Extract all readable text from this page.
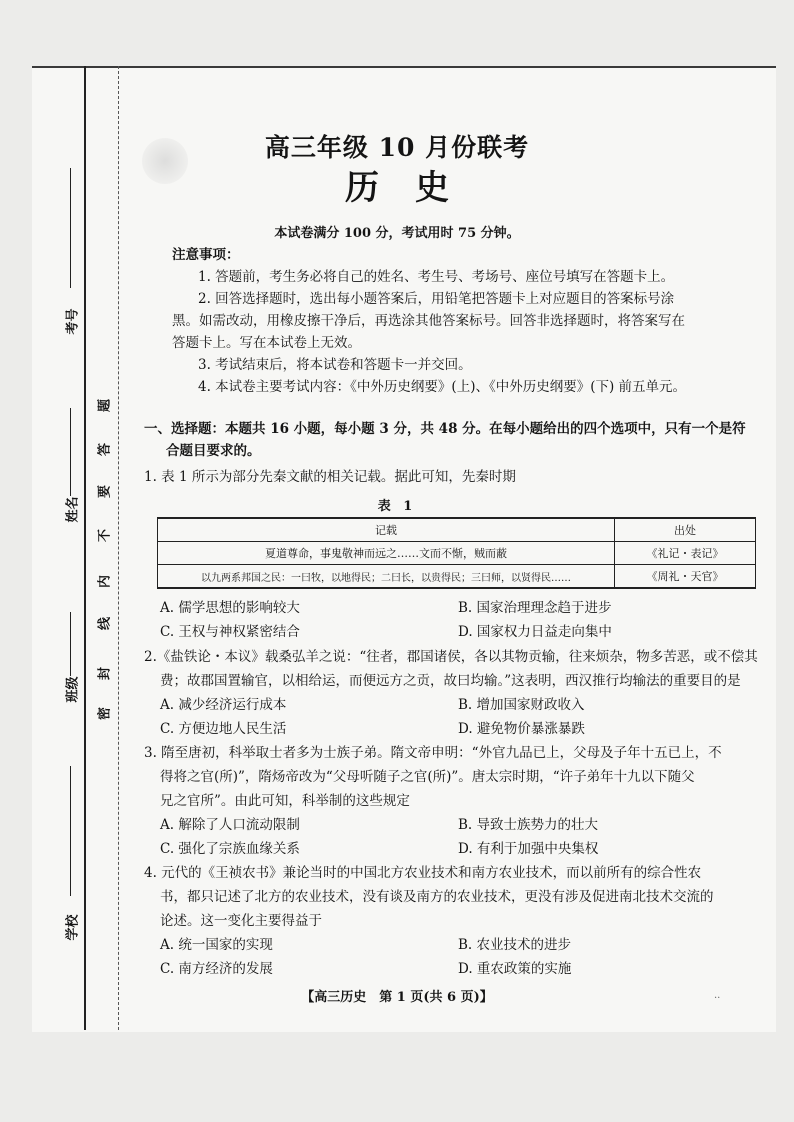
考号
姓名
班级
学校
密
封
线
内
不
要
答
题
高三年级 10 月份联考
历史
本试卷满分 100 分，考试用时 75 分钟。
注意事项：
1. 答题前，考生务必将自己的姓名、考生号、考场号、座位号填写在答题卡上。
2. 回答选择题时，选出每小题答案后，用铅笔把答题卡上对应题目的答案标号涂
黑。如需改动，用橡皮擦干净后，再选涂其他答案标号。回答非选择题时，将答案写在
答题卡上。写在本试卷上无效。
3. 考试结束后，将本试卷和答题卡一并交回。
4. 本试卷主要考试内容：《中外历史纲要》(上)、《中外历史纲要》(下) 前五单元。
一、选择题：本题共 16 小题，每小题 3 分，共 48 分。在每小题给出的四个选项中，只有一个是符
合题目要求的。
1. 表 1 所示为部分先秦文献的相关记载。据此可知，先秦时期
表 1
记载	出处
夏道尊命，事鬼敬神而远之……文而不惭，贼而蔽	《礼记・表记》
以九两系邦国之民：一曰牧，以地得民；二曰长，以贵得民；三曰师，以贤得民……	《周礼・天官》
A. 儒学思想的影响较大	B. 国家治理理念趋于进步
C. 王权与神权紧密结合	D. 国家权力日益走向集中
2.《盐铁论・本议》载桑弘羊之说：“往者，郡国诸侯，各以其物贡输，往来烦杂，物多苦恶，或不偿其
费；故郡国置输官，以相给运，而便远方之贡，故曰均输。”这表明，西汉推行均输法的重要目的是
A. 减少经济运行成本	B. 增加国家财政收入
C. 方便边地人民生活	D. 避免物价暴涨暴跌
3. 隋至唐初，科举取士者多为士族子弟。隋文帝申明：“外官九品已上，父母及子年十五已上，不
得将之官(所)”，隋炀帝改为“父母听随子之官(所)”。唐太宗时期，“许子弟年十九以下随父
兄之官所”。由此可知，科举制的这些规定
A. 解除了人口流动限制	B. 导致士族势力的壮大
C. 强化了宗族血缘关系	D. 有利于加强中央集权
4. 元代的《王祯农书》兼论当时的中国北方农业技术和南方农业技术，而以前所有的综合性农
书，都只记述了北方的农业技术，没有谈及南方的农业技术，更没有涉及促进南北技术交流的
论述。这一变化主要得益于
A. 统一国家的实现	B. 农业技术的进步
C. 南方经济的发展	D. 重农政策的实施
【高三历史　第 1 页(共 6 页)】	..
